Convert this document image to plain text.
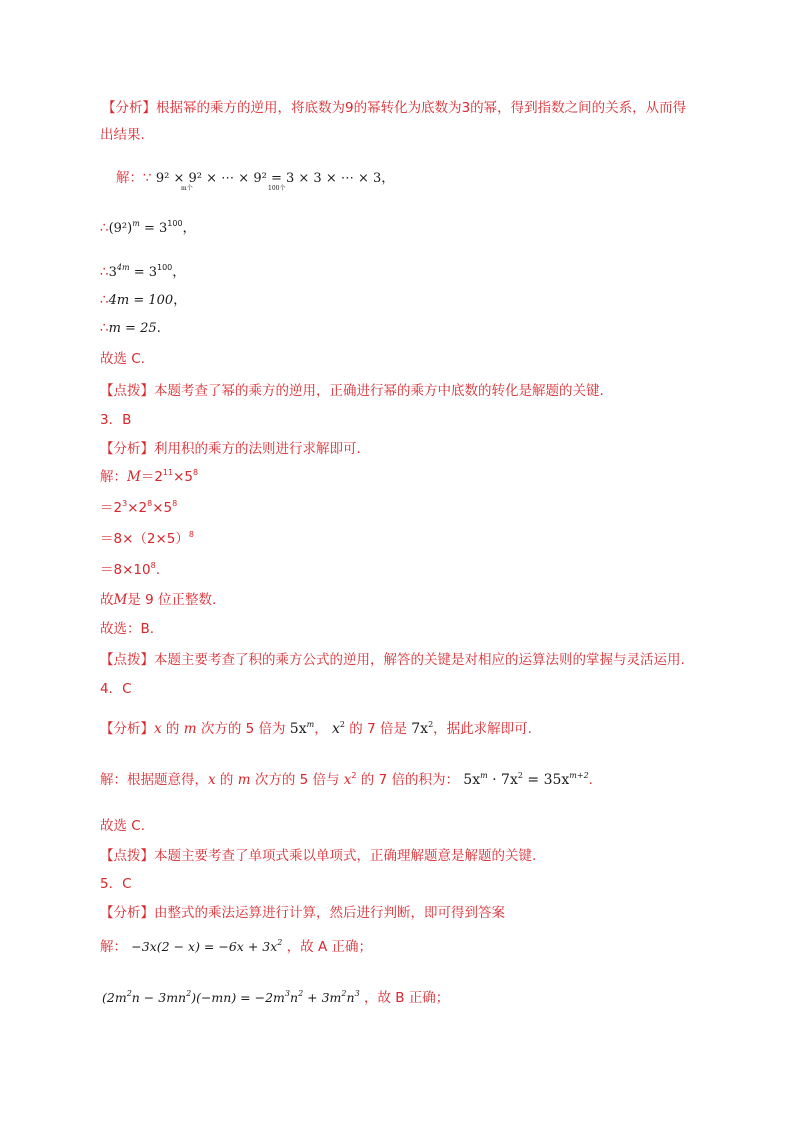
【分析】根据幂的乘方的逆用，将底数为9的幂转化为底数为3的幂，得到指数之间的关系，从而得
出结果.
解：∵ 9² × 9² × ⋯ × 9² = 3 × 3 × ⋯ × 3，
m个	100个
$\therefore(9^2)^m = 3^{100}$，
$\therefore 3^{4m} = 3^{100}$，
∴4m = 100，
∴m = 25.
故选 C.
【点拨】本题考查了幂的乘方的逆用，正确进行幂的乘方中底数的转化是解题的关键.
3．B
【分析】利用积的乘方的法则进行求解即可.
解：$M=2^{11}\times 5^8$
$=2^3\times 2^8\times 5^8$
$=8\times(2\times 5)^8$
$=8\times 10^8$.
故M是 9 位正整数.
故选：B.
【点拨】本题主要考查了积的乘方公式的逆用，解答的关键是对相应的运算法则的掌握与灵活运用.
4．C
【分析】x 的 m 次方的 5 倍为 $5x^m$， $x^2$ 的 7 倍是 $7x^2$，据此求解即可.
解：根据题意得，x 的 m 次方的 5 倍与 $x^2$ 的 7 倍的积为： $5x^m \cdot 7x^2 = 35x^{m+2}$.
故选 C.
【点拨】本题主要考查了单项式乘以单项式，正确理解题意是解题的关键.
5．C
【分析】由整式的乘法运算进行计算，然后进行判断，即可得到答案
解： $-3x(2 - x) = -6x + 3x^2$ ，故 A 正确；
$(2m^2n - 3mn^2)(-mn) = -2m^3n^2 + 3m^2n^3$ ，故 B 正确；
